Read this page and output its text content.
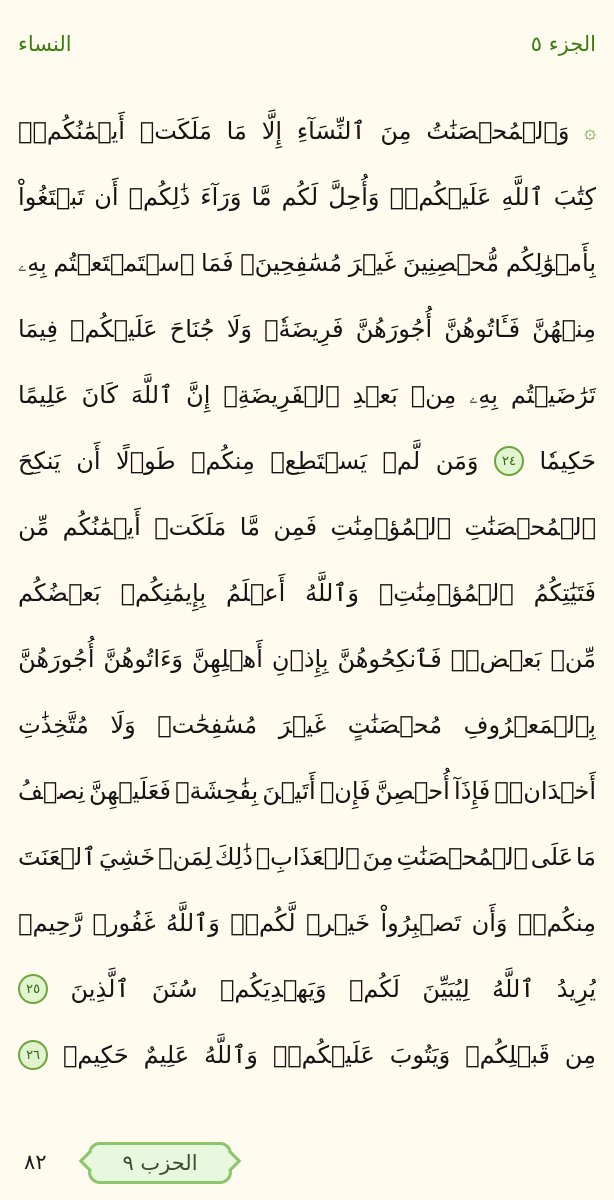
النساء	الجزء ٥
۞
وَٱلۡمُحۡصَنَٰتُ
مِنَ
ٱلنِّسَآءِ
إِلَّا
مَا
مَلَكَتۡ
أَيۡمَٰنُكُمۡۖ
كِتَٰبَ
ٱللَّهِ
عَلَيۡكُمۡۚ
وَأُحِلَّ
لَكُم
مَّا
وَرَآءَ
ذَٰلِكُمۡ
أَن
تَبۡتَغُواْ
بِأَمۡوَٰلِكُم
مُّحۡصِنِينَ
غَيۡرَ
مُسَٰفِحِينَۚ
فَمَا
ٱسۡتَمۡتَعۡتُم
بِهِۦ
مِنۡهُنَّ
فَـَٔاتُوهُنَّ
أُجُورَهُنَّ
فَرِيضَةٗۚ
وَلَا
جُنَاحَ
عَلَيۡكُمۡ
فِيمَا
تَرَٰضَيۡتُم
بِهِۦ
مِنۢ
بَعۡدِ
ٱلۡفَرِيضَةِۚ
إِنَّ
ٱللَّهَ
كَانَ
عَلِيمًا
حَكِيمٗا
٢٤
وَمَن
لَّمۡ
يَسۡتَطِعۡ
مِنكُمۡ
طَوۡلًا
أَن
يَنكِحَ
ٱلۡمُحۡصَنَٰتِ
ٱلۡمُؤۡمِنَٰتِ
فَمِن
مَّا
مَلَكَتۡ
أَيۡمَٰنُكُم
مِّن
فَتَيَٰتِكُمُ
ٱلۡمُؤۡمِنَٰتِۚ
وَٱللَّهُ
أَعۡلَمُ
بِإِيمَٰنِكُمۚ
بَعۡضُكُم
مِّنۢ
بَعۡضٖۚ
فَٱنكِحُوهُنَّ
بِإِذۡنِ
أَهۡلِهِنَّ
وَءَاتُوهُنَّ
أُجُورَهُنَّ
بِٱلۡمَعۡرُوفِ
مُحۡصَنَٰتٍ
غَيۡرَ
مُسَٰفِحَٰتٖ
وَلَا
مُتَّخِذَٰتِ
أَخۡدَانٖۚ
فَإِذَآ
أُحۡصِنَّ
فَإِنۡ
أَتَيۡنَ
بِفَٰحِشَةٖ
فَعَلَيۡهِنَّ
نِصۡفُ
مَا
عَلَى
ٱلۡمُحۡصَنَٰتِ
مِنَ
ٱلۡعَذَابِۚ
ذَٰلِكَ
لِمَنۡ
خَشِيَ
ٱلۡعَنَتَ
مِنكُمۡۚ
وَأَن
تَصۡبِرُواْ
خَيۡرٞ
لَّكُمۡۗ
وَٱللَّهُ
غَفُورٞ
رَّحِيمٞ
يُرِيدُ
ٱللَّهُ
لِيُبَيِّنَ
لَكُمۡ
وَيَهۡدِيَكُمۡ
سُنَنَ
ٱلَّذِينَ
٢٥
مِن
قَبۡلِكُمۡ
وَيَتُوبَ
عَلَيۡكُمۡۗ
وَٱللَّهُ
عَلِيمٌ
حَكِيمٞ
٢٦
٨٢	الحزب ٩
